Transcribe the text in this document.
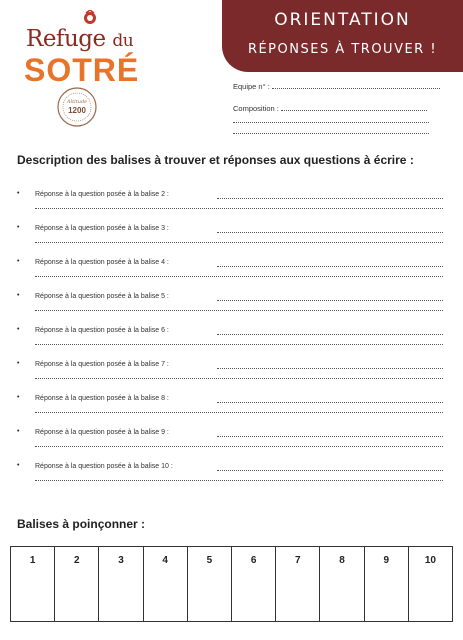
Refuge du
SOTRÉ
Altitude
1200
ORIENTATION
RÉPONSES À TROUVER !
Equipe n° :
Composition :
Description des balises à trouver et réponses aux questions à écrire :
• Réponse à la question posée à la balise 2 :
• Réponse à la question posée à la balise 3 :
• Réponse à la question posée à la balise 4 :
• Réponse à la question posée à la balise 5 :
• Réponse à la question posée à la balise 6 :
• Réponse à la question posée à la balise 7 :
• Réponse à la question posée à la balise 8 :
• Réponse à la question posée à la balise 9 :
• Réponse à la question posée à la balise 10 :
Balises à poinçonner :
1	2	3	4	5	6	7	8	9	10
